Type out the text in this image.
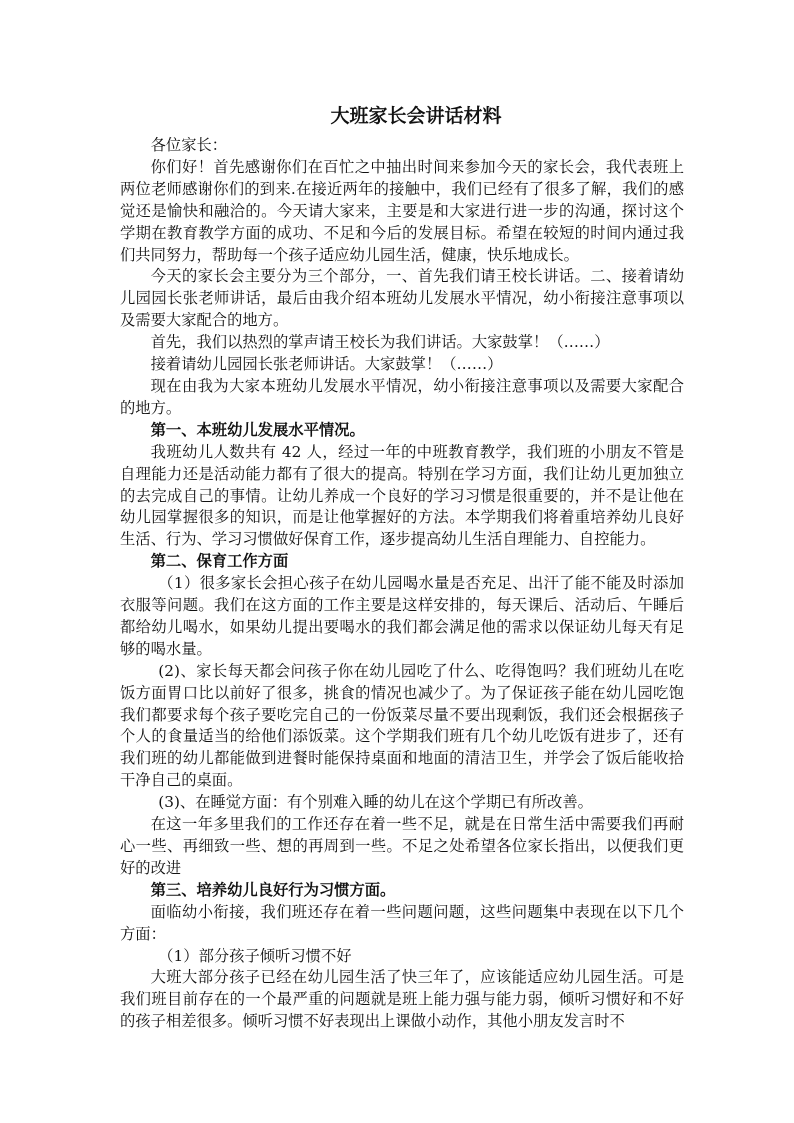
大班家长会讲话材料

各位家长：

你们好！首先感谢你们在百忙之中抽出时间来参加今天的家长会，我代表班上两位老师感谢你们的到来.在接近两年的接触中，我们已经有了很多了解，我们的感觉还是愉快和融洽的。今天请大家来，主要是和大家进行进一步的沟通，探讨这个学期在教育教学方面的成功、不足和今后的发展目标。希望在较短的时间内通过我们共同努力，帮助每一个孩子适应幼儿园生活，健康，快乐地成长。

今天的家长会主要分为三个部分，一、首先我们请王校长讲话。二、接着请幼儿园园长张老师讲话，最后由我介绍本班幼儿发展水平情况，幼小衔接注意事项以及需要大家配合的地方。

首先，我们以热烈的掌声请王校长为我们讲话。大家鼓掌！（……）

接着请幼儿园园长张老师讲话。大家鼓掌！（……）

现在由我为大家本班幼儿发展水平情况，幼小衔接注意事项以及需要大家配合的地方。

第一、本班幼儿发展水平情况。

我班幼儿人数共有 42 人，经过一年的中班教育教学，我们班的小朋友不管是自理能力还是活动能力都有了很大的提高。特别在学习方面，我们让幼儿更加独立的去完成自己的事情。让幼儿养成一个良好的学习习惯是很重要的，并不是让他在幼儿园掌握很多的知识，而是让他掌握好的方法。本学期我们将着重培养幼儿良好生活、行为、学习习惯做好保育工作，逐步提高幼儿生活自理能力、自控能力。

第二、保育工作方面

（1）很多家长会担心孩子在幼儿园喝水量是否充足、出汗了能不能及时添加衣服等问题。我们在这方面的工作主要是这样安排的，每天课后、活动后、午睡后都给幼儿喝水，如果幼儿提出要喝水的我们都会满足他的需求以保证幼儿每天有足够的喝水量。

(2)、家长每天都会问孩子你在幼儿园吃了什么、吃得饱吗？我们班幼儿在吃饭方面胃口比以前好了很多，挑食的情况也减少了。为了保证孩子能在幼儿园吃饱我们都要求每个孩子要吃完自己的一份饭菜尽量不要出现剩饭，我们还会根据孩子个人的食量适当的给他们添饭菜。这个学期我们班有几个幼儿吃饭有进步了，还有我们班的幼儿都能做到进餐时能保持桌面和地面的清洁卫生，并学会了饭后能收拾干净自己的桌面。

(3)、在睡觉方面：有个别难入睡的幼儿在这个学期已有所改善。

在这一年多里我们的工作还存在着一些不足，就是在日常生活中需要我们再耐心一些、再细致一些、想的再周到一些。不足之处希望各位家长指出，以便我们更好的改进

第三、培养幼儿良好行为习惯方面。

面临幼小衔接，我们班还存在着一些问题问题，这些问题集中表现在以下几个方面：

（1）部分孩子倾听习惯不好

大班大部分孩子已经在幼儿园生活了快三年了，应该能适应幼儿园生活。可是我们班目前存在的一个最严重的问题就是班上能力强与能力弱，倾听习惯好和不好的孩子相差很多。倾听习惯不好表现出上课做小动作，其他小朋友发言时不
